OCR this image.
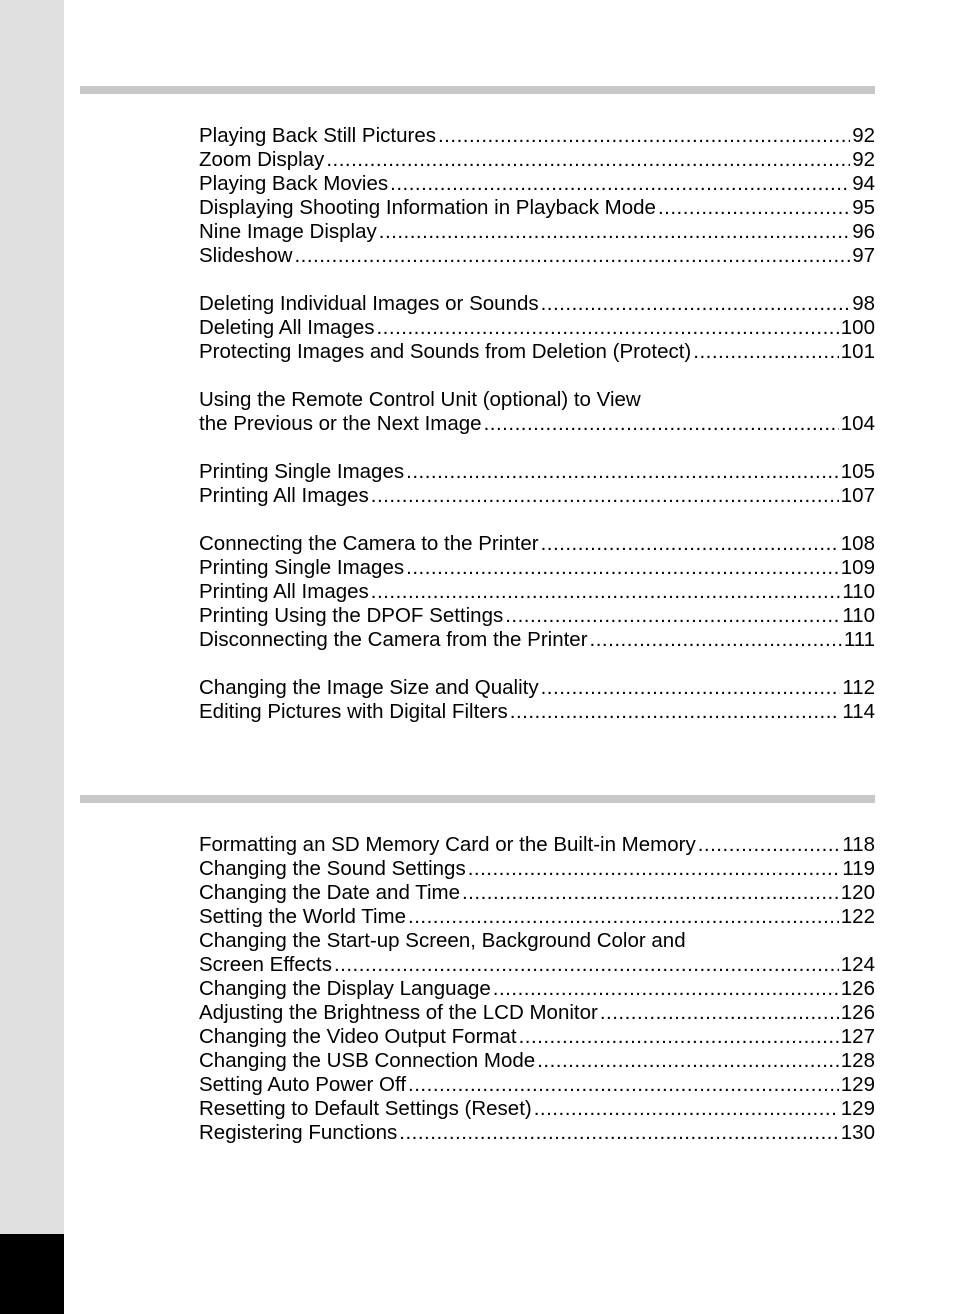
Playing Back Still Pictures .....	92
Zoom Display .....	92
Playing Back Movies .....	94
Displaying Shooting Information in Playback Mode .....	95
Nine Image Display .....	96
Slideshow .....	97
Deleting Individual Images or Sounds .....	98
Deleting All Images .....	100
Protecting Images and Sounds from Deletion (Protect) .....	101
Using the Remote Control Unit (optional) to View
the Previous or the Next Image .....	104
Printing Single Images .....	105
Printing All Images .....	107
Connecting the Camera to the Printer .....	108
Printing Single Images .....	109
Printing All Images .....	110
Printing Using the DPOF Settings .....	110
Disconnecting the Camera from the Printer .....	111
Changing the Image Size and Quality .....	112
Editing Pictures with Digital Filters .....	114
Formatting an SD Memory Card or the Built-in Memory .....	118
Changing the Sound Settings .....	119
Changing the Date and Time .....	120
Setting the World Time .....	122
Changing the Start-up Screen, Background Color and
Screen Effects .....	124
Changing the Display Language .....	126
Adjusting the Brightness of the LCD Monitor .....	126
Changing the Video Output Format .....	127
Changing the USB Connection Mode .....	128
Setting Auto Power Off .....	129
Resetting to Default Settings (Reset) .....	129
Registering Functions .....	130
